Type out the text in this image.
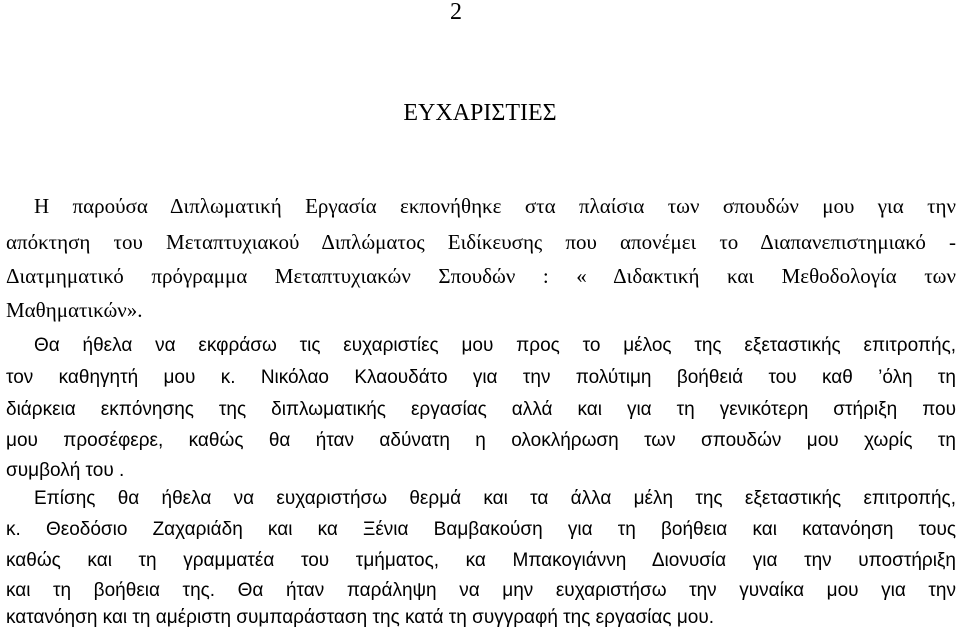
2
ΕΥΧΑΡΙΣΤΙΕΣ
Η παρούσα Διπλωματική Εργασία εκπονήθηκε στα πλαίσια των σπουδών μου για την
απόκτηση του Μεταπτυχιακού Διπλώματος Ειδίκευσης που απονέμει το Διαπανεπιστημιακό -
Διατμηματικό πρόγραμμα Μεταπτυχιακών Σπουδών : « Διδακτική και Μεθοδολογία των
Μαθηματικών».
Θα ήθελα να εκφράσω τις ευχαριστίες μου προς το μέλος της εξεταστικής επιτροπής,
τον καθηγητή μου κ. Νικόλαο Κλαουδάτο για την πολύτιμη βοήθειά του καθ ’όλη τη
διάρκεια εκπόνησης της διπλωματικής εργασίας αλλά και για τη γενικότερη στήριξη που
μου προσέφερε, καθώς θα ήταν αδύνατη η ολοκλήρωση των σπουδών μου χωρίς τη
συμβολή του .
Επίσης θα ήθελα να ευχαριστήσω θερμά και τα άλλα μέλη της εξεταστικής επιτροπής,
κ. Θεοδόσιο Ζαχαριάδη και κα Ξένια Βαμβακούση για τη βοήθεια και κατανόηση τους
καθώς και τη γραμματέα του τμήματος, κα Μπακογιάννη Διονυσία για την υποστήριξη
και τη βοήθεια της. Θα ήταν παράληψη να μην ευχαριστήσω την γυναίκα μου για την
κατανόηση και τη αμέριστη συμπαράσταση της κατά τη συγγραφή της εργασίας μου.
